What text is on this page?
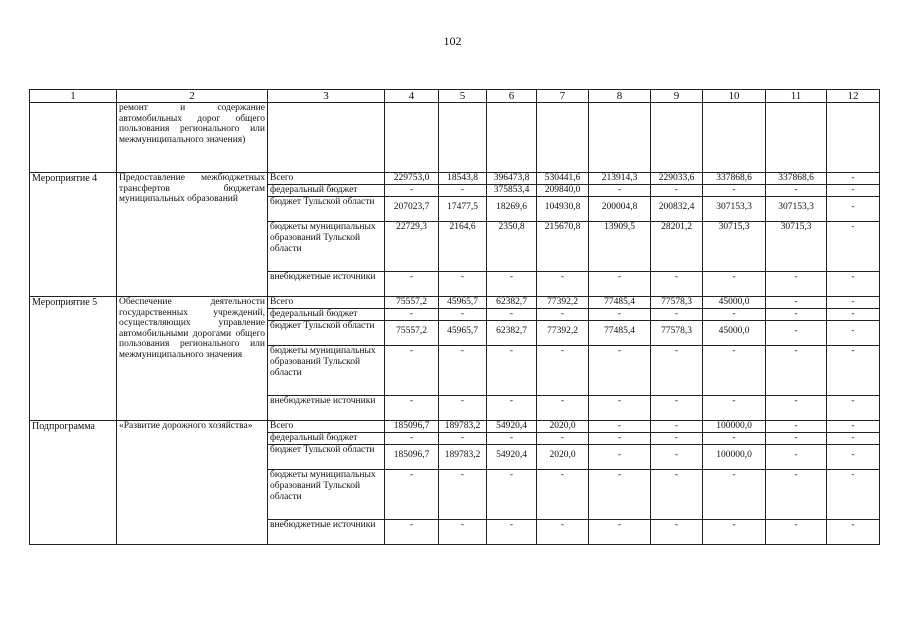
102
1	2	3	4	5	6	7	8	9	10	11	12
	ремонт и содержание автомобильных дорог общего пользования регионального или межмуниципального значения)										
Мероприятие 4	Предоставление межбюджетных трансфертов бюджетам муниципальных образований	Всего	229753,0	18543,8	396473,8	530441,6	213914,3	229033,6	337868,6	337868,6	-

		федеральный бюджет	-	-	375853,4	209840,0	-	-	-	-	-

		бюджет Тульской области	207023,7	17477,5	18269,6	104930,8	200004,8	200832,4	307153,3	307153,3	-

		бюджеты муниципальных образований Тульской области	22729,3	2164,6	2350,8	215670,8	13909,5	28201,2	30715,3	30715,3	-

		внебюджетные источники	-	-	-	-	-	-	-	-	-

Мероприятие 5	Обеспечение деятельности государственных учреждений, осуществляющих управление автомобильными дорогами общего пользования регионального или межмуниципального значения	Всего	75557,2	45965,7	62382,7	77392,2	77485,4	77578,3	45000,0	-	-

		федеральный бюджет	-	-	-	-	-	-	-	-	-

		бюджет Тульской области	75557,2	45965,7	62382,7	77392,2	77485,4	77578,3	45000,0	-	-

		бюджеты муниципальных образований Тульской области	-	-	-	-	-	-	-	-	-

		внебюджетные источники	-	-	-	-	-	-	-	-	-

Подпрограмма	«Развитие дорожного хозяйства»	Всего	185096,7	189783,2	54920,4	2020,0	-	-	100000,0	-	-

		федеральный бюджет	-	-	-	-	-	-	-	-	-

		бюджет Тульской области	185096,7	189783,2	54920,4	2020,0	-	-	100000,0	-	-

		бюджеты муниципальных образований Тульской области	-	-	-	-	-	-	-	-	-

		внебюджетные источники	-	-	-	-	-	-	-	-	-
